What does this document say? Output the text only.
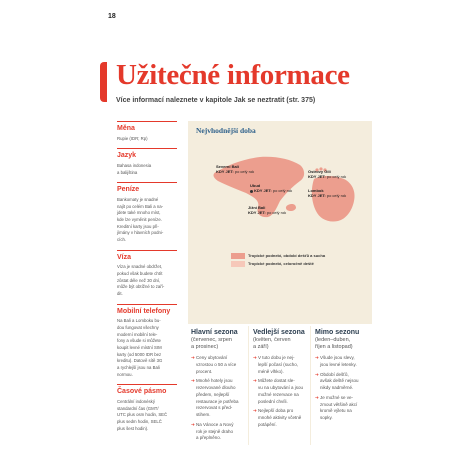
18
Užitečné informace
Více informací naleznete v kapitole Jak se neztratit (str. 375)
Měna
Rupie (IDR; Rp)
Jazyk
Bahasa indonesia
a balijština
Peníze
Bankomaty je snadné
najít po celém Bali a na-
jdete také mnoho míst,
kde lze vyměnit peníze.
Kreditní karty jsou při-
jímány v hlavních podni-
cích.
Víza
Víza je snadné obdržet,
pokud však budete chtít
zůstat déle než 30 dní,
může být obtížné to zaří-
dit.
Mobilní telefony
Na Bali a Lomboku bu-
dou fungovat všechny
moderní mobilní tele-
fony a všude si můžete
koupit levné místní SIM
karty (od 5000 IDR bez
kreditu). Datově sítě 3G
a rychlejší jsou na Bali
normou.
Časové pásmo
Centrální indonéský
standardní čas (GMT/
UTC plus osm hodin, SEČ
plus sedm hodin, SELČ
plus šest hodin).
Nejvhodnější doba
Severní Bali
KDY JET: po celý rok
Ubud
KDY JET: po celý rok
Jižní Bali
KDY JET: po celý rok
Ostrovy Gili
KDY JET: po celý rok
Lombok
KDY JET: po celý rok
Tropické podnebí, období dešťů a sucha
Tropické podnebí, celoročně deště
Hlavní sezona
(červenec, srpen
a prosinec)
➔ Ceny ubytování
vzrostou o 50 a více
procent.
➔ Mnohé hotely jsou
rezervované dlouho
předem, nejlepší
restaurace je potřeba
rezervovat s před-
stihem.
➔ Na Vánoce a Nový
rok je stejně draho
a přeplněno.
Vedlejší sezona
(květen, červen
a září)
➔ V tuto dobu je nej-
lepší počasí (sucho,
méně vlhko).
➔ Můžete dostat sle-
vu na ubytování a jsou
možné rezervace na
poslední chvíli.
➔ Nejlepší doba pro
mnohé aktivity včetně
potápění.
Mimo sezonu
(leden–duben,
říjen a listopad)
➔ Všude jsou slevy,
jsou levné letenky.
➔ Období dešťů,
avšak deště nejsou
nikdy nadměrné.
➔ Je možné se ve-
zmout většině akcí
kromě výletu na
sopky.
